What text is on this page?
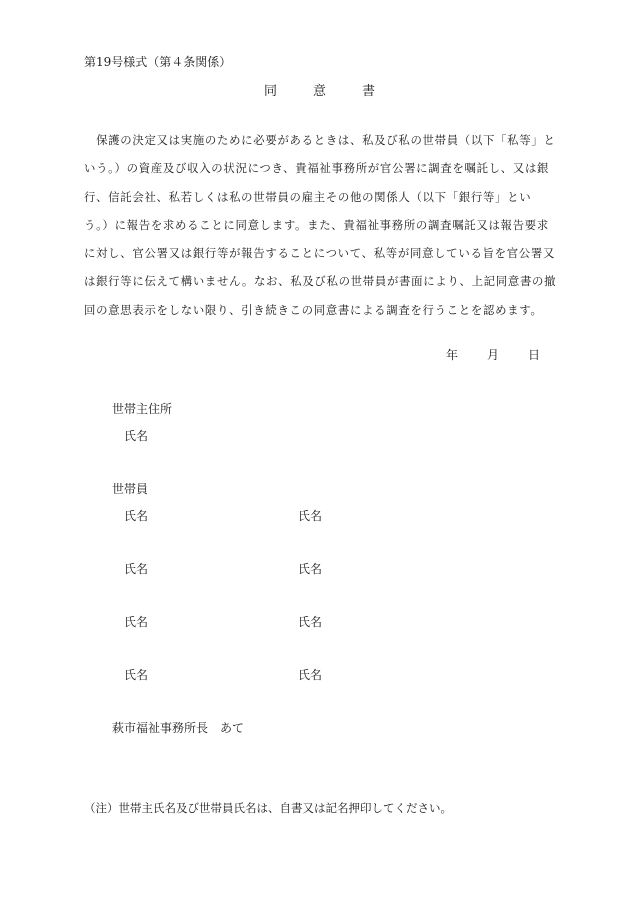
第19号様式（第４条関係）
同	意	書
　保護の決定又は実施のために必要があるときは、私及び私の世帯員（以下「私等」と
いう。）の資産及び収入の状況につき、貴福祉事務所が官公署に調査を嘱託し、又は銀
行、信託会社、私若しくは私の世帯員の雇主その他の関係人（以下「銀行等」とい
う。）に報告を求めることに同意します。また、貴福祉事務所の調査嘱託又は報告要求
に対し、官公署又は銀行等が報告することについて、私等が同意している旨を官公署又
は銀行等に伝えて構いません。なお、私及び私の世帯員が書面により、上記同意書の撤
回の意思表示をしない限り、引き続きこの同意書による調査を行うことを認めます。
年 月 日
世帯主住所
氏名
世帯員
氏名	氏名
氏名	氏名
氏名	氏名
氏名	氏名
萩市福祉事務所長　あて
（注）世帯主氏名及び世帯員氏名は、自書又は記名押印してください。
